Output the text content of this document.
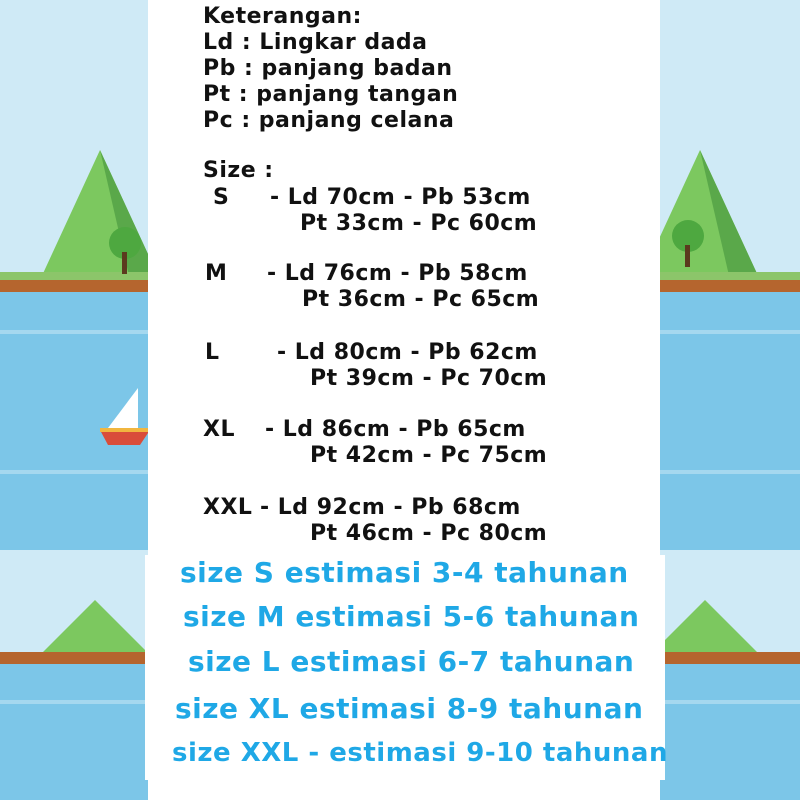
Keterangan:
Ld : Lingkar dada
Pb : panjang badan
Pt : panjang tangan
Pc : panjang celana
Size :
S - Ld 70cm - Pb 53cm
Pt 33cm - Pc 60cm
M - Ld 76cm - Pb 58cm
Pt 36cm - Pc 65cm
L	- Ld 80cm - Pb 62cm
Pt 39cm - Pc 70cm
XL - Ld 86cm - Pb 65cm
Pt 42cm - Pc 75cm
XXL - Ld 92cm - Pb 68cm
Pt 46cm - Pc 80cm
size S estimasi 3-4 tahunan
size M estimasi 5-6 tahunan
size L estimasi 6-7 tahunan
size XL estimasi 8-9 tahunan
size XXL - estimasi 9-10 tahunan
